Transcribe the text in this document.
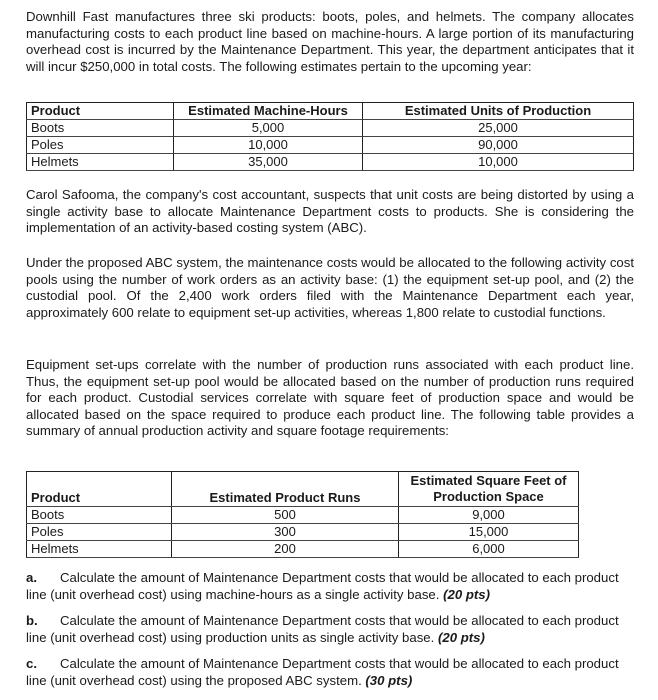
Downhill Fast manufactures three ski products: boots, poles, and helmets. The company allocates manufacturing costs to each product line based on machine-hours. A large portion of its manufacturing overhead cost is incurred by the Maintenance Department. This year, the department anticipates that it will incur $250,000 in total costs. The following estimates pertain to the upcoming year:

Product	Estimated Machine-Hours	Estimated Units of Production
Boots	5,000	25,000
Poles	10,000	90,000
Helmets	35,000	10,000

Carol Safooma, the company's cost accountant, suspects that unit costs are being distorted by using a single activity base to allocate Maintenance Department costs to products. She is considering the implementation of an activity-based costing system (ABC).

Under the proposed ABC system, the maintenance costs would be allocated to the following activity cost pools using the number of work orders as an activity base: (1) the equipment set-up pool, and (2) the custodial pool. Of the 2,400 work orders filed with the Maintenance Department each year, approximately 600 relate to equipment set-up activities, whereas 1,800 relate to custodial functions.

Equipment set-ups correlate with the number of production runs associated with each product line. Thus, the equipment set-up pool would be allocated based on the number of production runs required for each product. Custodial services correlate with square feet of production space and would be allocated based on the space required to produce each product line. The following table provides a summary of annual production activity and square footage requirements:

Product	Estimated Product Runs	Estimated Square Feet of Production Space
Boots	500	9,000
Poles	300	15,000
Helmets	200	6,000
a. Calculate the amount of Maintenance Department costs that would be allocated to each product line (unit overhead cost) using machine-hours as a single activity base. (20 pts)
b. Calculate the amount of Maintenance Department costs that would be allocated to each product line (unit overhead cost) using production units as single activity base. (20 pts)
c. Calculate the amount of Maintenance Department costs that would be allocated to each product line (unit overhead cost) using the proposed ABC system. (30 pts)
